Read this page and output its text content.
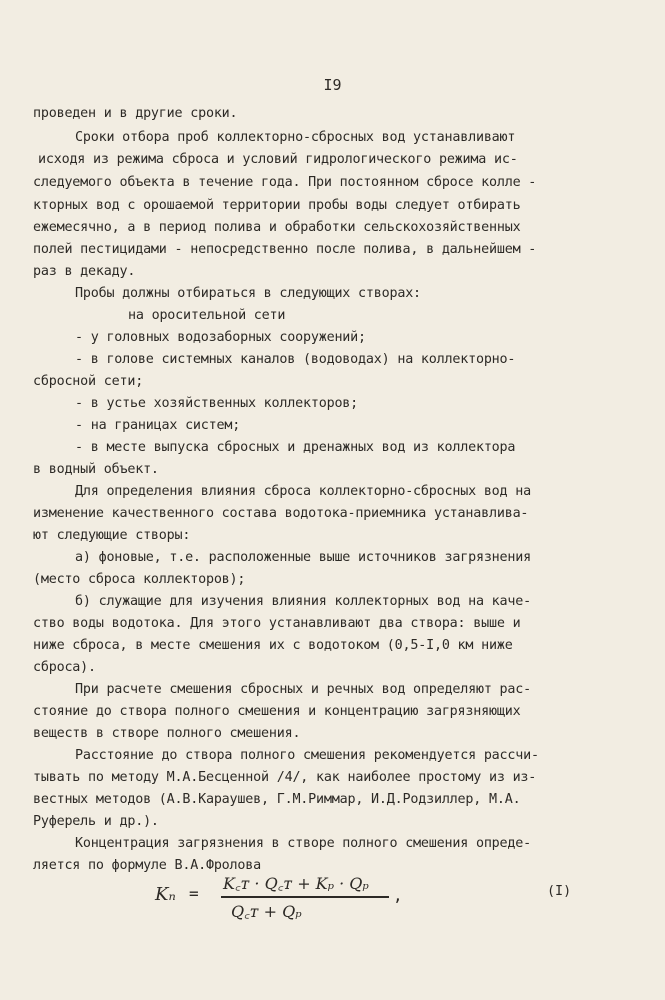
I9
проведен и в другие сроки.
Сроки отбора проб коллекторно-сбросных вод устанавливают
исходя из режима сброса и условий гидрологического режима ис-
следуемого объекта в течение года. При постоянном сбросе колле -
кторных вод с орошаемой территории пробы воды следует отбирать
ежемесячно, а в период полива и обработки сельскохозяйственных
полей пестицидами - непосредственно после полива, в дальнейшем -
раз в декаду.
Пробы должны отбираться в следующих створах:
на оросительной сети
- у головных водозаборных сооружений;
- в голове системных каналов (водоводах) на коллекторно-
сбросной сети;
- в устье хозяйственных коллекторов;
- на границах систем;
- в месте выпуска сбросных и дренажных вод из коллектора
в водный объект.
Для определения влияния сброса коллекторно-сбросных вод на
изменение качественного состава водотока-приемника устанавлива-
ют следующие створы:
а) фоновые, т.е. расположенные выше источников загрязнения
(место сброса коллекторов);
б) служащие для изучения влияния коллекторных вод на каче-
ство воды водотока. Для этого устанавливают два створа: выше и
ниже сброса, в месте смешения их с водотоком (0,5-I,0 км ниже
сброса).
При расчете смешения сбросных и речных вод определяют рас-
стояние до створа полного смешения и концентрацию загрязняющих
веществ в створе полного смешения.
Расстояние до створа полного смешения рекомендуется рассчи-
тывать по методу М.А.Бесценной /4/, как наиболее простому из из-
вестных методов (А.В.Караушев, Г.М.Риммар, И.Д.Родзиллер, М.А.
Руферель и др.).
Концентрация загрязнения в створе полного смешения опреде-
ляется по формуле В.А.Фролова
Kₙ =
K꜀ᴛ · Q꜀ᴛ + Kₚ · Qₚ
Q꜀ᴛ + Qₚ
,	(I)
